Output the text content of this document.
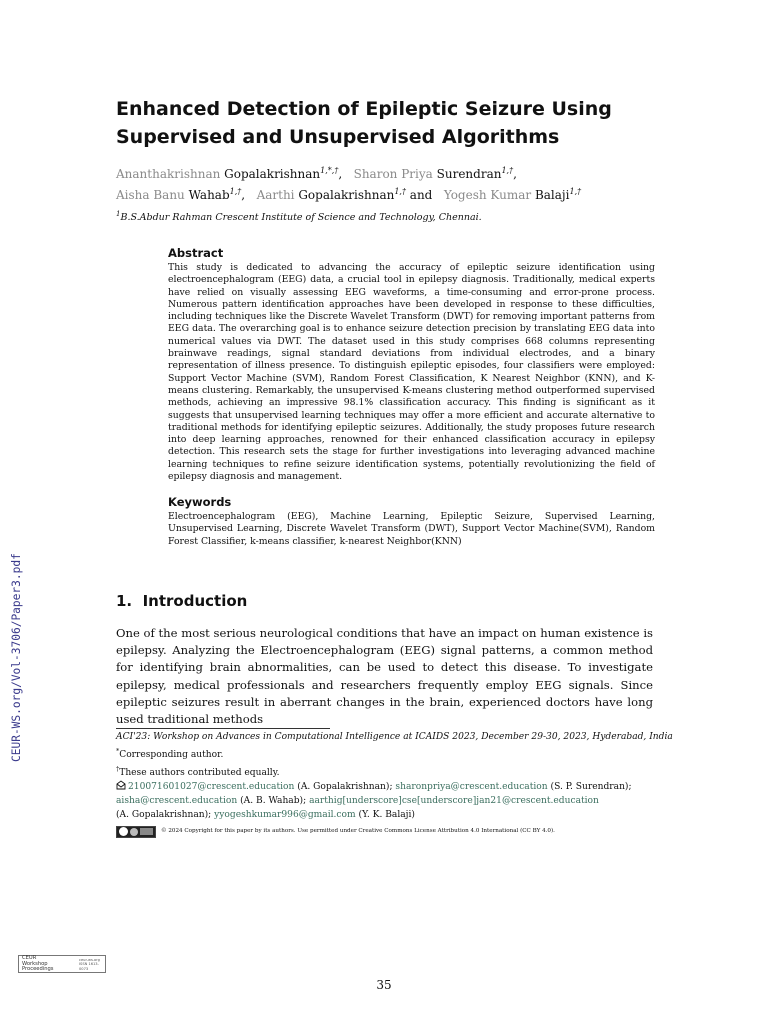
Enhanced Detection of Epileptic Seizure Using Supervised and Unsupervised Algorithms
Ananthakrishnan Gopalakrishnan$^{1,*,\dagger}$, Sharon Priya Surendran$^{1,\dagger}$,
Aisha Banu Wahab$^{1,\dagger}$, Aarthi Gopalakrishnan$^{1,\dagger}$ and Yogesh Kumar Balaji$^{1,\dagger}$
$^1$B.S.Abdur Rahman Crescent Institute of Science and Technology, Chennai.
Abstract

This study is dedicated to advancing the accuracy of epileptic seizure identification using electroencephalogram (EEG) data, a crucial tool in epilepsy diagnosis. Traditionally, medical experts have relied on visually assessing EEG waveforms, a time-consuming and error-prone process. Numerous pattern identification approaches have been developed in response to these difficulties, including techniques like the Discrete Wavelet Transform (DWT) for removing important patterns from EEG data. The overarching goal is to enhance seizure detection precision by translating EEG data into numerical values via DWT. The dataset used in this study comprises 668 columns representing brainwave readings, signal standard deviations from individual electrodes, and a binary representation of illness presence. To distinguish epileptic episodes, four classifiers were employed: Support Vector Machine (SVM), Random Forest Classification, K Nearest Neighbor (KNN), and K-means clustering. Remarkably, the unsupervised K-means clustering method outperformed supervised methods, achieving an impressive 98.1% classification accuracy. This finding is significant as it suggests that unsupervised learning techniques may offer a more efficient and accurate alternative to traditional methods for identifying epileptic seizures. Additionally, the study proposes future research into deep learning approaches, renowned for their enhanced classification accuracy in epilepsy detection. This research sets the stage for further investigations into leveraging advanced machine learning techniques to refine seizure identification systems, potentially revolutionizing the field of epilepsy diagnosis and management.

Keywords

Electroencephalogram (EEG), Machine Learning, Epileptic Seizure, Supervised Learning, Unsupervised Learning, Discrete Wavelet Transform (DWT), Support Vector Machine(SVM), Random Forest Classifier, k-means classifier, k-nearest Neighbor(KNN)

1. Introduction

One of the most serious neurological conditions that have an impact on human existence is epilepsy. Analyzing the Electroencephalogram (EEG) signal patterns, a common method for identifying brain abnormalities, can be used to detect this disease. To investigate epilepsy, medical professionals and researchers frequently employ EEG signals. Since epileptic seizures result in aberrant changes in the brain, experienced doctors have long used traditional methods

ACI'23: Workshop on Advances in Computational Intelligence at ICAIDS 2023, December 29-30, 2023, Hyderabad, India
*Corresponding author.
†These authors contributed equally.
210071601027@crescent.education (A. Gopalakrishnan); sharonpriya@crescent.education (S. P. Surendran);
aisha@crescent.education (A. B. Wahab); aarthig[underscore]cse[underscore]jan21@crescent.education
(A. Gopalakrishnan); yyogeshkumar996@gmail.com (Y. K. Balaji)
© 2024 Copyright for this paper by its authors. Use permitted under Creative Commons License Attribution 4.0 International (CC BY 4.0).
CEUR-WS.org/Vol-3706/Paper3.pdf
CEUR
Workshop
Proceedings
ceur-ws.org
ISSN 1613-0073
35
